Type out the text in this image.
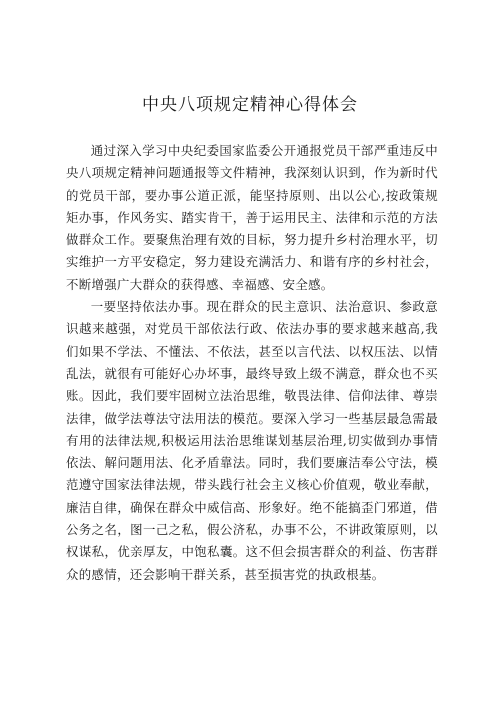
中央八项规定精神心得体会

通过深入学习中央纪委国家监委公开通报党员干部严重违反中央八项规定精神问题通报等文件精神，我深刻认识到，作为新时代的党员干部，要办事公道正派，能坚持原则、出以公心,按政策规矩办事，作风务实、踏实肯干，善于运用民主、法律和示范的方法做群众工作。要聚焦治理有效的目标，努力提升乡村治理水平，切实维护一方平安稳定，努力建设充满活力、和谐有序的乡村社会，不断增强广大群众的获得感、幸福感、安全感。

一要坚持依法办事。现在群众的民主意识、法治意识、参政意识越来越强，对党员干部依法行政、依法办事的要求越来越高,我们如果不学法、不懂法、不依法，甚至以言代法、以权压法、以情乱法，就很有可能好心办坏事，最终导致上级不满意，群众也不买账。因此，我们要牢固树立法治思维，敬畏法律、信仰法律、尊崇法律，做学法尊法守法用法的模范。要深入学习一些基层最急需最有用的法律法规,积极运用法治思维谋划基层治理,切实做到办事情依法、解问题用法、化矛盾靠法。同时，我们要廉洁奉公守法，模范遵守国家法律法规，带头践行社会主义核心价值观，敬业奉献，廉洁自律，确保在群众中威信高、形象好。绝不能搞歪门邪道，借公务之名，图一己之私，假公济私，办事不公，不讲政策原则，以权谋私，优亲厚友，中饱私囊。这不但会损害群众的利益、伤害群众的感情，还会影响干群关系，甚至损害党的执政根基。
